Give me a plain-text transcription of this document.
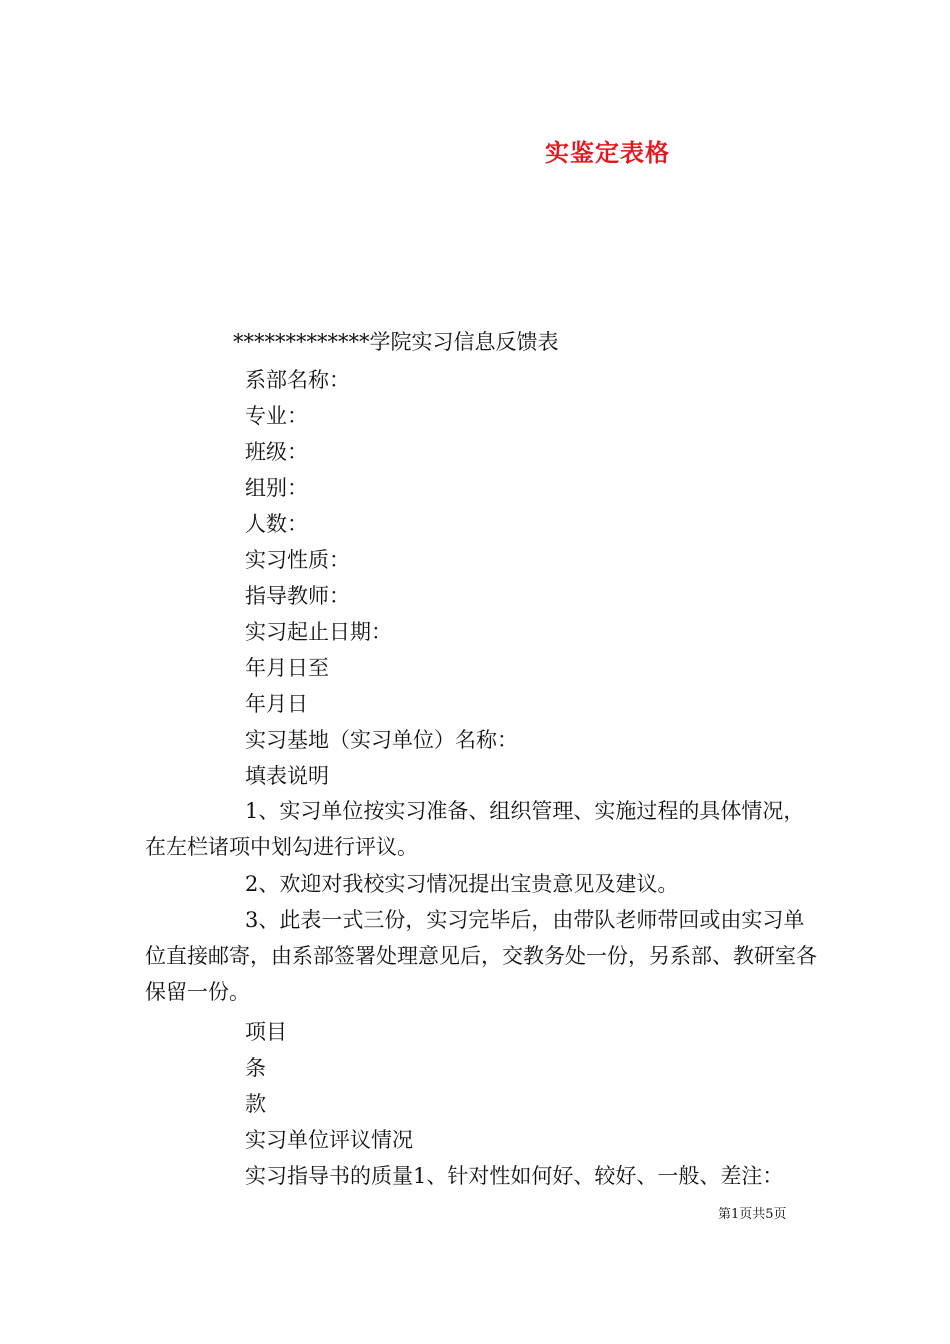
实鉴定表格
*************学院实习信息反馈表
系部名称：
专业：
班级：
组别：
人数：
实习性质：
指导教师：
实习起止日期：
年月日至
年月日
实习基地（实习单位）名称：
填表说明

1、实习单位按实习准备、组织管理、实施过程的具体情况，在左栏诸项中划勾进行评议。

2、欢迎对我校实习情况提出宝贵意见及建议。

3、此表一式三份，实习完毕后，由带队老师带回或由实习单位直接邮寄，由系部签署处理意见后，交教务处一份，另系部、教研室各保留一份。

项目
条
款
实习单位评议情况
实习指导书的质量1、针对性如何好、较好、一般、差注：
第1页共5页
